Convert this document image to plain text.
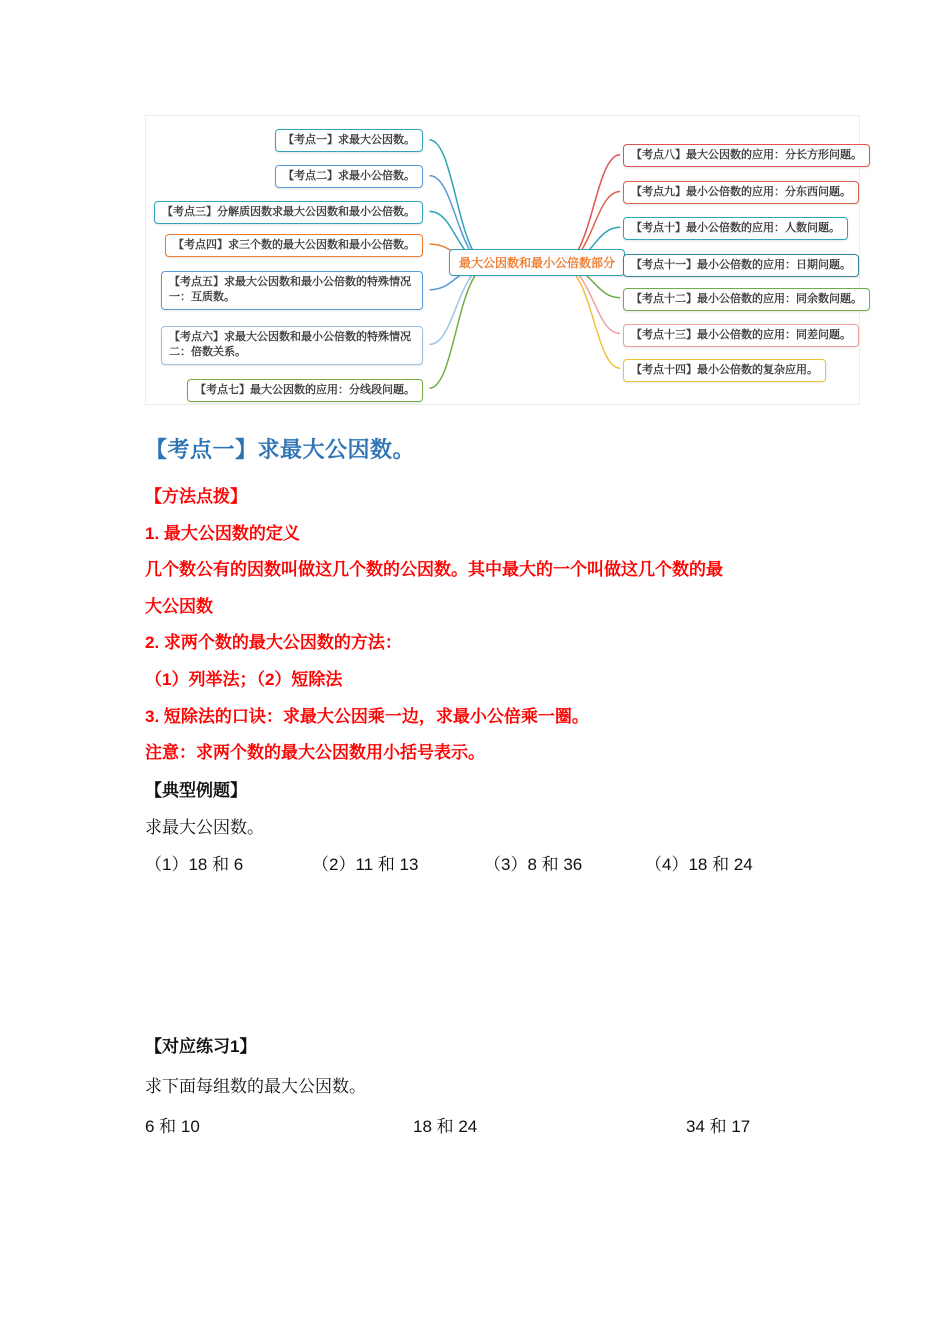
【考点一】求最大公因数。
【考点二】求最小公倍数。
【考点三】分解质因数求最大公因数和最小公倍数。
【考点四】求三个数的最大公因数和最小公倍数。
【考点五】求最大公因数和最小公倍数的特殊情况一：互质数。
【考点六】求最大公因数和最小公倍数的特殊情况二：倍数关系。
【考点七】最大公因数的应用：分线段问题。
最大公因数和最小公倍数部分
【考点八】最大公因数的应用：分长方形问题。
【考点九】最小公倍数的应用：分东西问题。
【考点十】最小公倍数的应用：人数问题。
【考点十一】最小公倍数的应用：日期问题。
【考点十二】最小公倍数的应用：同余数问题。
【考点十三】最小公倍数的应用：同差问题。
【考点十四】最小公倍数的复杂应用。
【考点一】求最大公因数。
【方法点拨】
1. 最大公因数的定义
几个数公有的因数叫做这几个数的公因数。其中最大的一个叫做这几个数的最
大公因数
2. 求两个数的最大公因数的方法：
（1）列举法；（2）短除法
3. 短除法的口诀：求最大公因乘一边，求最小公倍乘一圈。
注意：求两个数的最大公因数用小括号表示。
【典型例题】
求最大公因数。
（1）18 和 6	（2）11 和 13	（3）8 和 36	（4）18 和 24
【对应练习1】
求下面每组数的最大公因数。
6 和 10	18 和 24	34 和 17
